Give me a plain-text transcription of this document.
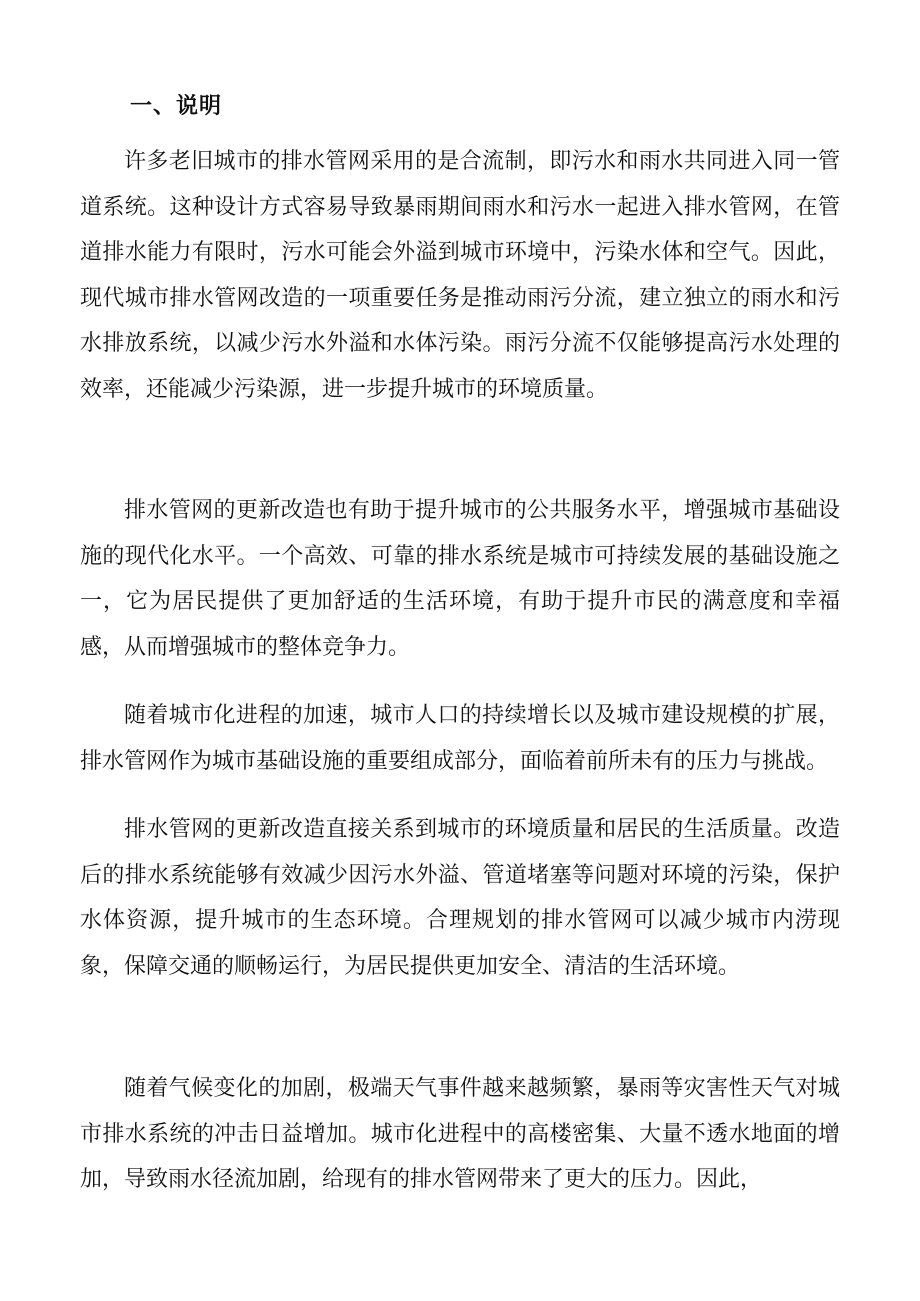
一、说明

许多老旧城市的排水管网采用的是合流制，即污水和雨水共同进入同一管道系统。这种设计方式容易导致暴雨期间雨水和污水一起进入排水管网，在管道排水能力有限时，污水可能会外溢到城市环境中，污染水体和空气。因此，现代城市排水管网改造的一项重要任务是推动雨污分流，建立独立的雨水和污水排放系统，以减少污水外溢和水体污染。雨污分流不仅能够提高污水处理的效率，还能减少污染源，进一步提升城市的环境质量。

排水管网的更新改造也有助于提升城市的公共服务水平，增强城市基础设施的现代化水平。一个高效、可靠的排水系统是城市可持续发展的基础设施之一，它为居民提供了更加舒适的生活环境，有助于提升市民的满意度和幸福感，从而增强城市的整体竞争力。

随着城市化进程的加速，城市人口的持续增长以及城市建设规模的扩展，排水管网作为城市基础设施的重要组成部分，面临着前所未有的压力与挑战。

排水管网的更新改造直接关系到城市的环境质量和居民的生活质量。改造后的排水系统能够有效减少因污水外溢、管道堵塞等问题对环境的污染，保护水体资源，提升城市的生态环境。合理规划的排水管网可以减少城市内涝现象，保障交通的顺畅运行，为居民提供更加安全、清洁的生活环境。

随着气候变化的加剧，极端天气事件越来越频繁，暴雨等灾害性天气对城市排水系统的冲击日益增加。城市化进程中的高楼密集、大量不透水地面的增加，导致雨水径流加剧，给现有的排水管网带来了更大的压力。因此，
